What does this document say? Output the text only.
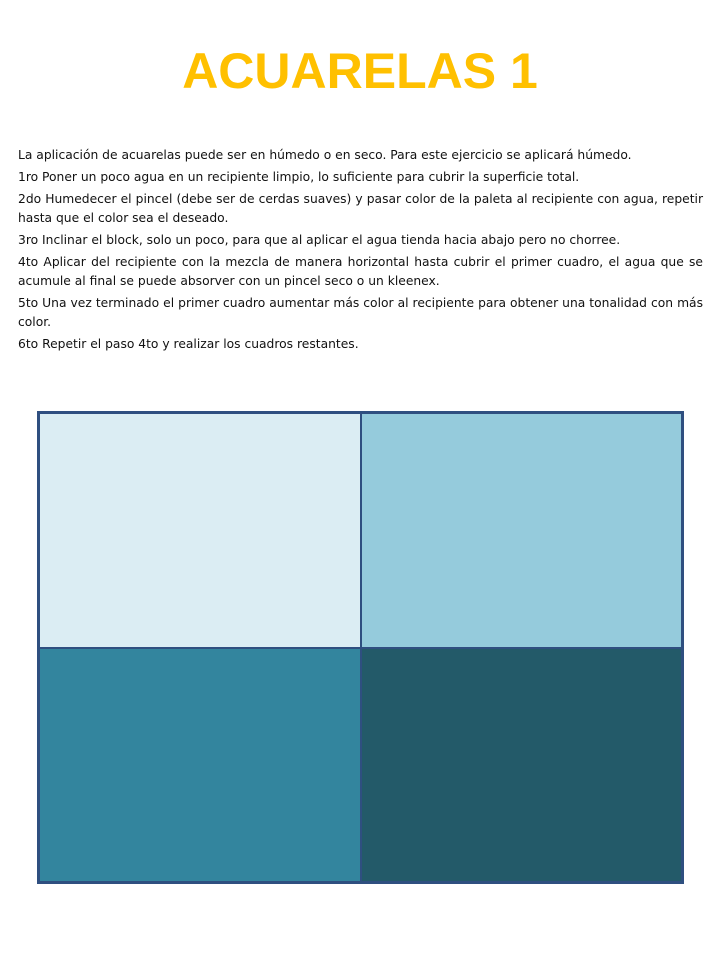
ACUARELAS 1

La aplicación de acuarelas puede ser en húmedo o en seco. Para este ejercicio se aplicará húmedo.

1ro Poner un poco agua en un recipiente limpio, lo suficiente para cubrir la superficie total.

2do Humedecer el pincel (debe ser de cerdas suaves) y pasar color de la paleta al recipiente con agua, repetir hasta que el color sea el deseado.

3ro Inclinar el block, solo un poco, para que al aplicar el agua tienda hacia abajo pero no chorree.

4to Aplicar del recipiente con la mezcla de manera horizontal hasta cubrir el primer cuadro, el agua que se acumule al final se puede absorver con un pincel seco o un kleenex.

5to Una vez terminado el primer cuadro aumentar más color al recipiente para obtener una tonalidad con más color.

6to Repetir el paso 4to y realizar los cuadros restantes.
